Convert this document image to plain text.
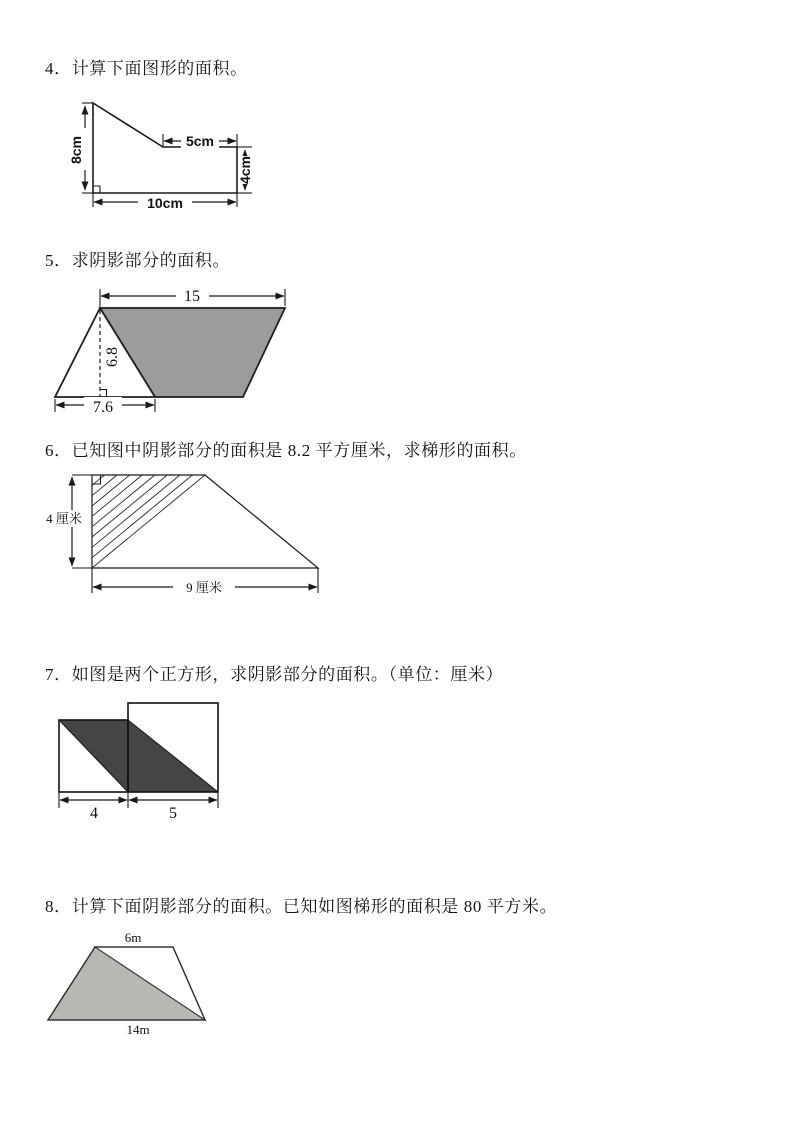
4．计算下面图形的面积。
8cm	5cm
4cm
10cm
5．求阴影部分的面积。
15
6.8
7.6
6．已知图中阴影部分的面积是 8.2 平方厘米，求梯形的面积。
4 厘米
9 厘米
7．如图是两个正方形，求阴影部分的面积。（单位：厘米）
4	5
8．计算下面阴影部分的面积。已知如图梯形的面积是 80 平方米。
6m
14m
